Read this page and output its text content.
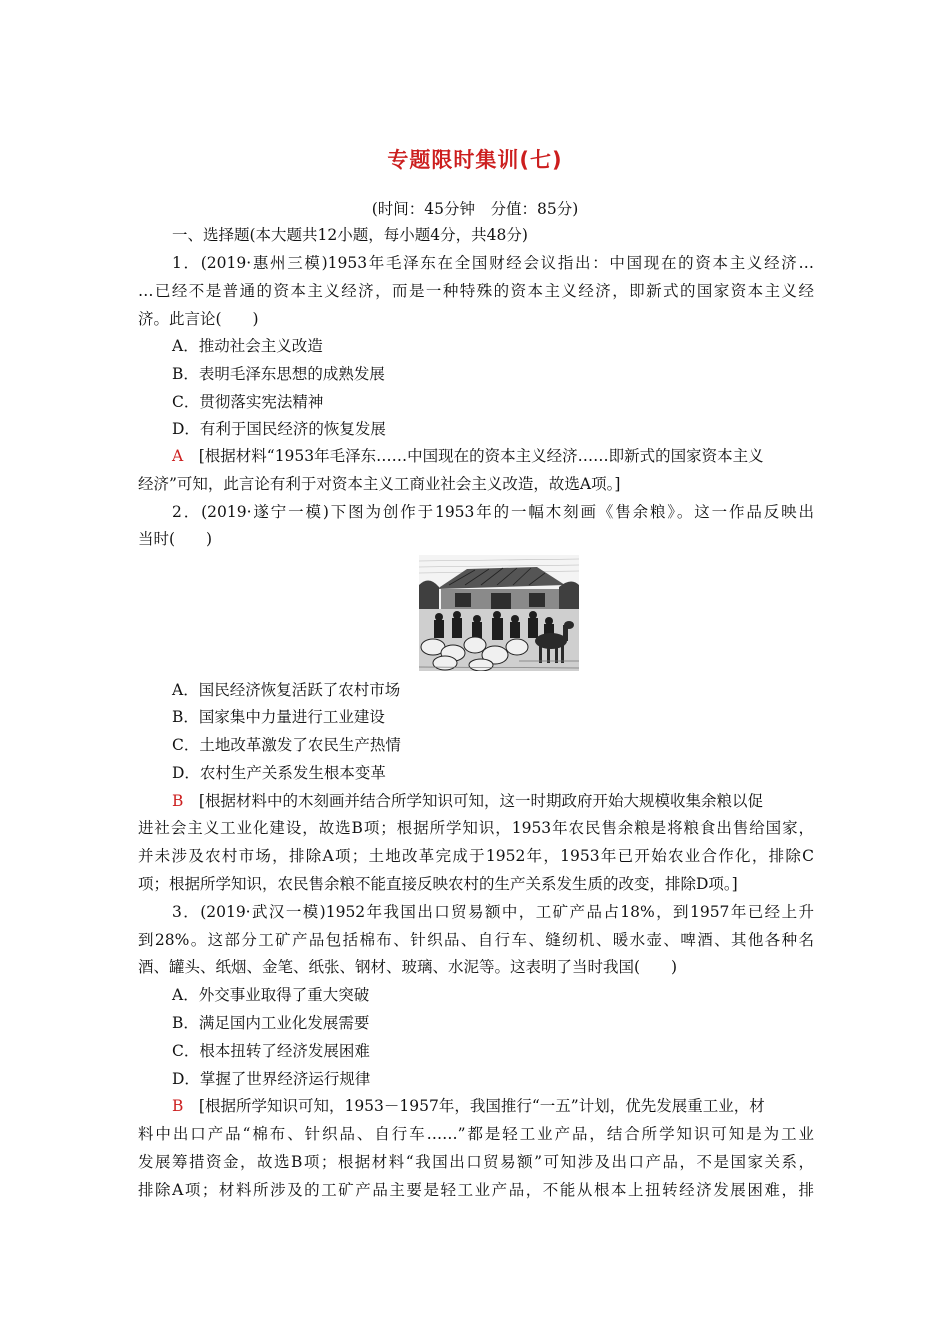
专题限时集训(七)
(时间：45分钟　分值：85分)
一、选择题(本大题共12小题，每小题4分，共48分)
1．(2019·惠州三模)1953年毛泽东在全国财经会议指出：中国现在的资本主义经济…
…已经不是普通的资本主义经济，而是一种特殊的资本主义经济，即新式的国家资本主义经
济。此言论(　　)
A．推动社会主义改造
B．表明毛泽东思想的成熟发展
C．贯彻落实宪法精神
D．有利于国民经济的恢复发展
A　 [根据材料“1953年毛泽东……中国现在的资本主义经济……即新式的国家资本主义
经济”可知，此言论有利于对资本主义工商业社会主义改造，故选A项。]
2．(2019·遂宁一模)下图为创作于1953年的一幅木刻画《售余粮》。这一作品反映出
当时(　　)
A．国民经济恢复活跃了农村市场
B．国家集中力量进行工业建设
C．土地改革激发了农民生产热情
D．农村生产关系发生根本变革
B　 [根据材料中的木刻画并结合所学知识可知，这一时期政府开始大规模收集余粮以促
进社会主义工业化建设，故选B项；根据所学知识，1953年农民售余粮是将粮食出售给国家，
并未涉及农村市场，排除A项；土地改革完成于1952年，1953年已开始农业合作化，排除C
项；根据所学知识，农民售余粮不能直接反映农村的生产关系发生质的改变，排除D项。]
3．(2019·武汉一模)1952年我国出口贸易额中，工矿产品占18%，到1957年已经上升
到28%。这部分工矿产品包括棉布、针织品、自行车、缝纫机、暖水壶、啤酒、其他各种名
酒、罐头、纸烟、金笔、纸张、钢材、玻璃、水泥等。这表明了当时我国(　　)
A．外交事业取得了重大突破
B．满足国内工业化发展需要
C．根本扭转了经济发展困难
D．掌握了世界经济运行规律
B　 [根据所学知识可知，1953－1957年，我国推行“一五”计划，优先发展重工业，材
料中出口产品“棉布、针织品、自行车……”都是轻工业产品，结合所学知识可知是为工业
发展筹措资金，故选B项；根据材料“我国出口贸易额”可知涉及出口产品，不是国家关系，
排除A项；材料所涉及的工矿产品主要是轻工业产品，不能从根本上扭转经济发展困难，排
